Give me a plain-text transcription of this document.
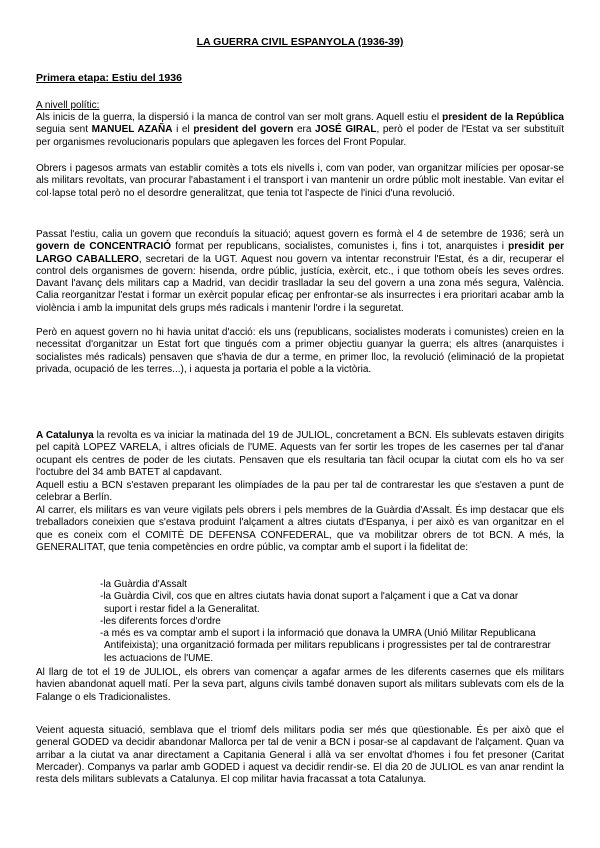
LA GUERRA CIVIL ESPANYOLA (1936-39)
Primera etapa: Estiu del 1936
A nivell polític:

Als inicis de la guerra, la dispersió i la manca de control van ser molt grans. Aquell estiu el president de la República seguia sent MANUEL AZAÑA i el president del govern era JOSÉ GIRAL, però el poder de l'Estat va ser substituït per organismes revolucionaris populars que aplegaven les forces del Front Popular.

Obrers i pagesos armats van establir comitès a tots els nivells i, com van poder, van organitzar milícies per oposar-se als militars revoltats, van procurar l'abastament i el transport i van mantenir un ordre públic molt inestable. Van evitar el col·lapse total però no el desordre generalitzat, que tenia tot l'aspecte de l'inici d'una revolució.

Passat l'estiu, calia un govern que reconduís la situació; aquest govern es formà el 4 de setembre de 1936; serà un govern de CONCENTRACIÓ format per republicans, socialistes, comunistes i, fins i tot, anarquistes i presidit per LARGO CABALLERO, secretari de la UGT. Aquest nou govern va intentar reconstruir l'Estat, és a dir, recuperar el control dels organismes de govern: hisenda, ordre públic, justícia, exèrcit, etc., i que tothom obeís les seves ordres. Davant l'avanç dels militars cap a Madrid, van decidir traslladar la seu del govern a una zona més segura, València. Calia reorganitzar l'estat i formar un exèrcit popular eficaç per enfrontar-se als insurrectes i era prioritari acabar amb la violència i amb la impunitat dels grups més radicals i mantenir l'ordre i la seguretat.

Però en aquest govern no hi havia unitat d'acció: els uns (republicans, socialistes moderats i comunistes) creien en la necessitat d'organitzar un Estat fort que tingués com a primer objectiu guanyar la guerra; els altres (anarquistes i socialistes més radicals) pensaven que s'havia de dur a terme, en primer lloc, la revolució (eliminació de la propietat privada, ocupació de les terres...), i aquesta ja portaria el poble a la victòria.

A Catalunya la revolta es va iniciar la matinada del 19 de JULIOL, concretament a BCN. Els sublevats estaven dirigits pel capità LOPEZ VARELA, i altres oficials de l'UME. Aquests van fer sortir les tropes de les casernes per tal d'anar ocupant els centres de poder de les ciutats. Pensaven que els resultaria tan fàcil ocupar la ciutat com els ho va ser l'octubre del 34 amb BATET al capdavant.

Aquell estiu a BCN s'estaven preparant les olimpíades de la pau per tal de contrarestar les que s'estaven a punt de celebrar a Berlín.

Al carrer, els militars es van veure vigilats pels obrers i pels membres de la Guàrdia d'Assalt. És imp destacar que els treballadors coneixien que s'estava produint l'alçament a altres ciutats d'Espanya, i per això es van organitzar en el que es coneix com el COMITÈ DE DEFENSA CONFEDERAL, que va mobilitzar obrers de tot BCN. A més, la GENERALITAT, que tenia competències en ordre públic, va comptar amb el suport i la fidelitat de:

-la Guàrdia d'Assalt
-la Guàrdia Civil, cos que en altres ciutats havia donat suport a l'alçament i que a Cat va donar
suport i restar fidel a la Generalitat.
-les diferents forces d'ordre
-a més es va comptar amb el suport i la informació que donava la UMRA (Unió Militar Republicana
Antifeixista); una organització formada per militars republicans i progressistes per tal de contrarestrar
les actuacions de l'UME.

Al llarg de tot el 19 de JULIOL, els obrers van començar a agafar armes de les diferents casernes que els militars havien abandonat aquell matí. Per la seva part, alguns civils també donaven suport als militars sublevats com els de la Falange o els Tradicionalistes.

Veient aquesta situació, semblava que el triomf dels militars podia ser més que qüestionable. És per això que el general GODED va decidir abandonar Mallorca per tal de venir a BCN i posar-se al capdavant de l'alçament. Quan va arribar a la ciutat va anar directament a Capitania General i allà va ser envoltat d'homes i fou fet presoner (Caritat Mercader). Companys va parlar amb GODED i aquest va decidir rendir-se. El dia 20 de JULIOL es van anar rendint la resta dels militars sublevats a Catalunya. El cop militar havia fracassat a tota Catalunya.
